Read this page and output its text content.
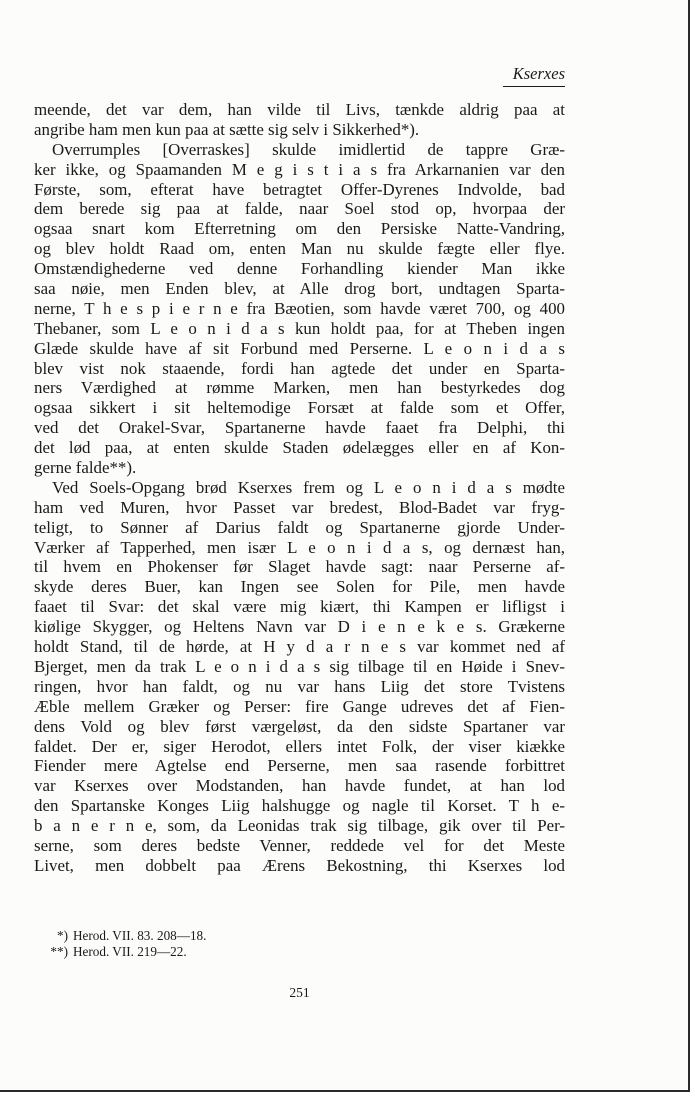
Kserxes
meende, det var dem, han vilde til Livs, tænkde aldrig paa at
angribe ham men kun paa at sætte sig selv i Sikkerhed*).
Overrumples [Overraskes] skulde imidlertid de tappre Græ-
ker ikke, og Spaamanden M e g i s t i a s fra Arkarnanien var den
Første, som, efterat have betragtet Offer-Dyrenes Indvolde, bad
dem berede sig paa at falde, naar Soel stod op, hvorpaa der
ogsaa snart kom Efterretning om den Persiske Natte-Vandring,
og blev holdt Raad om, enten Man nu skulde fægte eller flye.
Omstændighederne ved denne Forhandling kiender Man ikke
saa nøie, men Enden blev, at Alle drog bort, undtagen Sparta-
nerne, T h e s p i e r n e fra Bæotien, som havde været 700, og 400
Thebaner, som L e o n i d a s kun holdt paa, for at Theben ingen
Glæde skulde have af sit Forbund med Perserne. L e o n i d a s
blev vist nok staaende, fordi han agtede det under en Sparta-
ners Værdighed at rømme Marken, men han bestyrkedes dog
ogsaa sikkert i sit heltemodige Forsæt at falde som et Offer,
ved det Orakel-Svar, Spartanerne havde faaet fra Delphi, thi
det lød paa, at enten skulde Staden ødelægges eller en af Kon-
gerne falde**).
Ved Soels-Opgang brød Kserxes frem og L e o n i d a s mødte
ham ved Muren, hvor Passet var bredest, Blod-Badet var fryg-
teligt, to Sønner af Darius faldt og Spartanerne gjorde Under-
Værker af Tapperhed, men især L e o n i d a s, og dernæst han,
til hvem en Phokenser før Slaget havde sagt: naar Perserne af-
skyde deres Buer, kan Ingen see Solen for Pile, men havde
faaet til Svar: det skal være mig kiært, thi Kampen er lifligst i
kiølige Skygger, og Heltens Navn var D i e n e k e s. Grækerne
holdt Stand, til de hørde, at H y d a r n e s var kommet ned af
Bjerget, men da trak L e o n i d a s sig tilbage til en Høide i Snev-
ringen, hvor han faldt, og nu var hans Liig det store Tvistens
Æble mellem Græker og Perser: fire Gange udreves det af Fien-
dens Vold og blev først værgeløst, da den sidste Spartaner var
faldet. Der er, siger Herodot, ellers intet Folk, der viser kiække
Fiender mere Agtelse end Perserne, men saa rasende forbittret
var Kserxes over Modstanden, han havde fundet, at han lod
den Spartanske Konges Liig halshugge og nagle til Korset. T h e-
b a n e r n e, som, da Leonidas trak sig tilbage, gik over til Per-
serne, som deres bedste Venner, reddede vel for det Meste
Livet, men dobbelt paa Ærens Bekostning, thi Kserxes lod
*) Herod. VII. 83. 208—18.
**) Herod. VII. 219—22.
251
